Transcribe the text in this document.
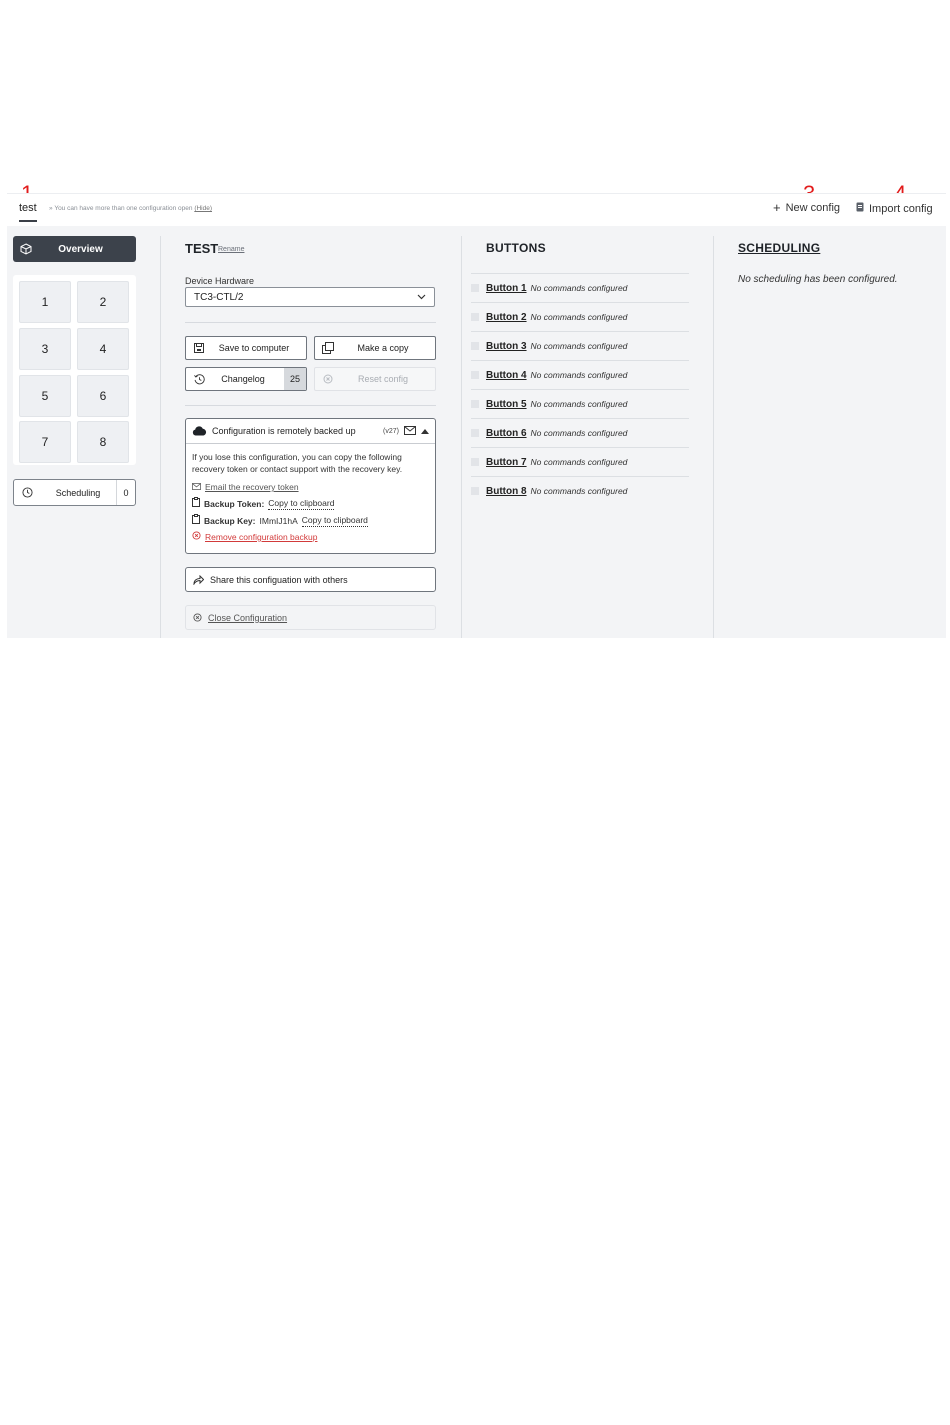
test » You can have more than one configuration open (Hide)	+ New config	Import config
Overview
1	2
3	4
5	6
7	8
Scheduling	0
TEST Rename
Device Hardware
TC3-CTL/2
Save to computer	Make a copy
Changelog	25	Reset config
Configuration is remotely backed up	(v27)
If you lose this configuration, you can copy the following recovery token or contact support with the recovery key.
Email the recovery token
Backup Token: Copy to clipboard
Backup Key: IMmIJ1hA Copy to clipboard
Remove configuration backup
Share this configuation with others
Close Configuration
BUTTONS
Button 1 No commands configured
Button 2 No commands configured
Button 3 No commands configured
Button 4 No commands configured
Button 5 No commands configured
Button 6 No commands configured
Button 7 No commands configured
Button 8 No commands configured
SCHEDULING
No scheduling has been configured.
